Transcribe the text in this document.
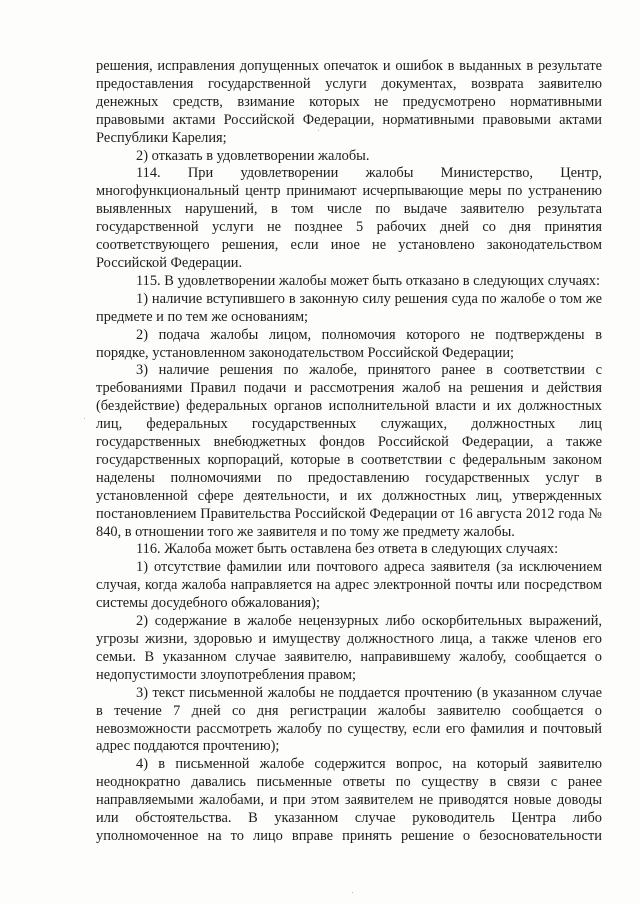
решения, исправления допущенных опечаток и ошибок в выданных в результате предоставления государственной услуги документах, возврата заявителю денежных средств, взимание которых не предусмотрено нормативными правовыми актами Российской Федерации, нормативными правовыми актами Республики Карелия;

2) отказать в удовлетворении жалобы.

114. При удовлетворении жалобы Министерство, Центр, многофункциональный центр принимают исчерпывающие меры по устранению выявленных нарушений, в том числе по выдаче заявителю результата государственной услуги не позднее 5 рабочих дней со дня принятия соответствующего решения, если иное не установлено законодательством Российской Федерации.

115. В удовлетворении жалобы может быть отказано в следующих случаях:

1) наличие вступившего в законную силу решения суда по жалобе о том же предмете и по тем же основаниям;

2) подача жалобы лицом, полномочия которого не подтверждены в порядке, установленном законодательством Российской Федерации;

3) наличие решения по жалобе, принятого ранее в соответствии с требованиями Правил подачи и рассмотрения жалоб на решения и действия (бездействие) федеральных органов исполнительной власти и их должностных лиц, федеральных государственных служащих, должностных лиц государственных внебюджетных фондов Российской Федерации, а также государственных корпораций, которые в соответствии с федеральным законом наделены полномочиями по предоставлению государственных услуг в установленной сфере деятельности, и их должностных лиц, утвержденных постановлением Правительства Российской Федерации от 16 августа 2012 года № 840, в отношении того же заявителя и по тому же предмету жалобы.

116. Жалоба может быть оставлена без ответа в следующих случаях:

1) отсутствие фамилии или почтового адреса заявителя (за исключением случая, когда жалоба направляется на адрес электронной почты или посредством системы досудебного обжалования);

2) содержание в жалобе нецензурных либо оскорбительных выражений, угрозы жизни, здоровью и имуществу должностного лица, а также членов его семьи. В указанном случае заявителю, направившему жалобу, сообщается о недопустимости злоупотребления правом;

3) текст письменной жалобы не поддается прочтению (в указанном случае в течение 7 дней со дня регистрации жалобы заявителю сообщается о невозможности рассмотреть жалобу по существу, если его фамилия и почтовый адрес поддаются прочтению);

4) в письменной жалобе содержится вопрос, на который заявителю неоднократно давались письменные ответы по существу в связи с ранее направляемыми жалобами, и при этом заявителем не приводятся новые доводы или обстоятельства. В указанном случае руководитель Центра либо уполномоченное на то лицо вправе принять решение о безосновательности
